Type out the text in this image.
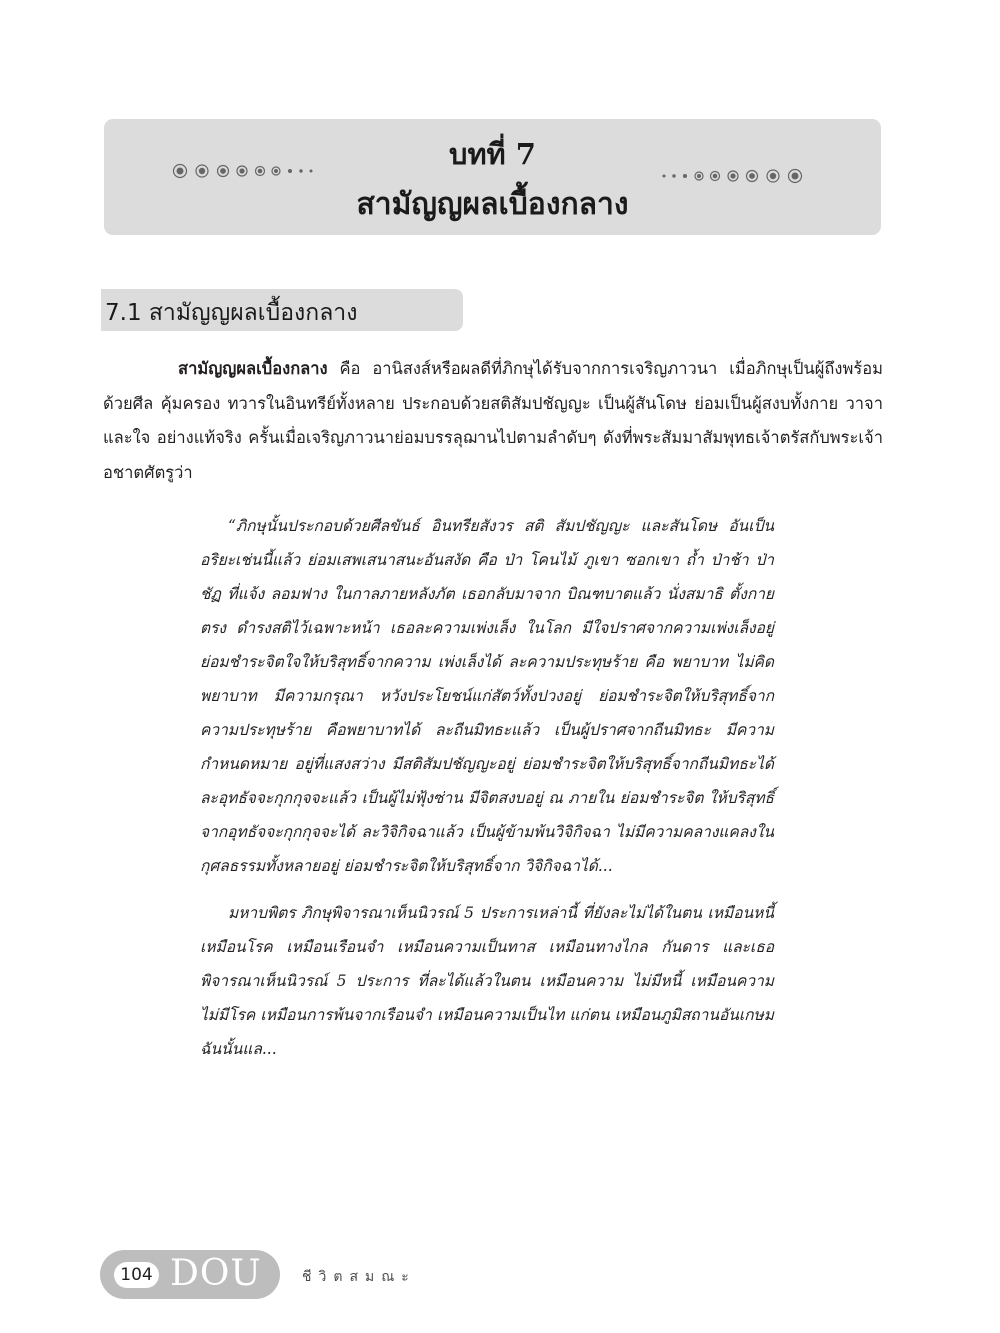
บทที่ 7
สามัญญผลเบื้องกลาง
7.1 สามัญญผลเบื้องกลาง

สามัญญผลเบื้องกลาง คือ อานิสงส์หรือผลดีที่ภิกษุได้รับจากการเจริญภาวนา เมื่อภิกษุเป็นผู้ถึงพร้อมด้วยศีล คุ้มครอง ทวารในอินทรีย์ทั้งหลาย ประกอบด้วยสติสัมปชัญญะ เป็นผู้สันโดษ ย่อมเป็นผู้สงบทั้งกาย วาจา และใจ อย่างแท้จริง ครั้นเมื่อเจริญภาวนาย่อมบรรลุฌานไปตามลำดับๆ ดังที่พระสัมมาสัมพุทธเจ้าตรัสกับพระเจ้าอชาตศัตรูว่า

“ภิกษุนั้นประกอบด้วยศีลขันธ์ อินทรียสังวร สติ สัมปชัญญะ และสันโดษ อันเป็นอริยะเช่นนี้แล้ว ย่อมเสพเสนาสนะอันสงัด คือ ป่า โคนไม้ ภูเขา ซอกเขา ถ้ำ ป่าช้า ป่าชัฏ ที่แจ้ง ลอมฟาง ในกาลภายหลังภัต เธอกลับมาจาก บิณฑบาตแล้ว นั่งสมาธิ ตั้งกายตรง ดำรงสติไว้เฉพาะหน้า เธอละความเพ่งเล็ง ในโลก มีใจปราศจากความเพ่งเล็งอยู่ ย่อมชำระจิตใจให้บริสุทธิ์จากความ เพ่งเล็งได้ ละความประทุษร้าย คือ พยาบาท ไม่คิดพยาบาท มีความกรุณา หวังประโยชน์แก่สัตว์ทั้งปวงอยู่ ย่อมชำระจิตให้บริสุทธิ์จากความประทุษร้าย คือพยาบาทได้ ละถีนมิทธะแล้ว เป็นผู้ปราศจากถีนมิทธะ มีความกำหนดหมาย อยู่ที่แสงสว่าง มีสติสัมปชัญญะอยู่ ย่อมชำระจิตให้บริสุทธิ์จากถีนมิทธะได้ ละอุทธัจจะกุกกุจจะแล้ว เป็นผู้ไม่ฟุ้งซ่าน มีจิตสงบอยู่ ณ ภายใน ย่อมชำระจิต ให้บริสุทธิ์จากอุทธัจจะกุกกุจจะได้ ละวิจิกิจฉาแล้ว เป็นผู้ข้ามพ้นวิจิกิจฉา ไม่มีความคลางแคลงในกุศลธรรมทั้งหลายอยู่ ย่อมชำระจิตให้บริสุทธิ์จาก วิจิกิจฉาได้...

มหาบพิตร ภิกษุพิจารณาเห็นนิวรณ์ 5 ประการเหล่านี้ ที่ยังละไม่ได้ในตน เหมือนหนี้ เหมือนโรค เหมือนเรือนจำ เหมือนความเป็นทาส เหมือนทางไกล กันดาร และเธอพิจารณาเห็นนิวรณ์ 5 ประการ ที่ละได้แล้วในตน เหมือนความ ไม่มีหนี้ เหมือนความไม่มีโรค เหมือนการพ้นจากเรือนจำ เหมือนความเป็นไท แก่ตน เหมือนภูมิสถานอันเกษมฉันนั้นแล...

104 DOU	ชีวิตสมณะ
